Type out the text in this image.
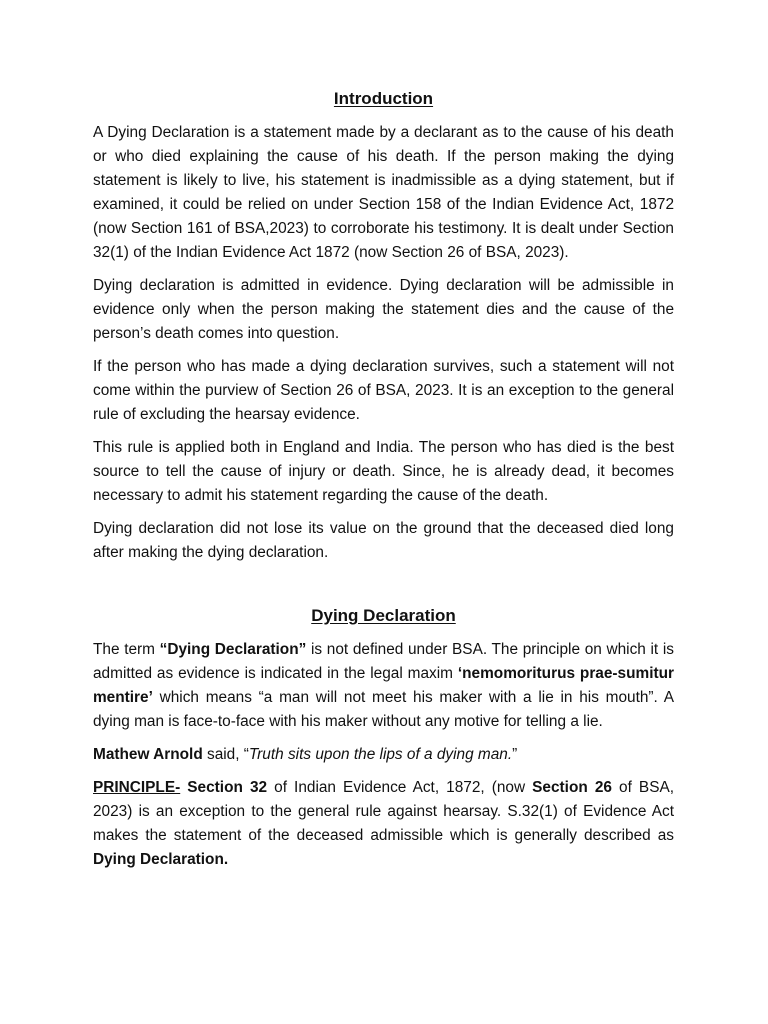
Introduction

A Dying Declaration is a statement made by a declarant as to the cause of his death or who died explaining the cause of his death. If the person making the dying statement is likely to live, his statement is inadmissible as a dying statement, but if examined, it could be relied on under Section 158 of the Indian Evidence Act, 1872 (now Section 161 of BSA,2023) to corroborate his testimony. It is dealt under Section 32(1) of the Indian Evidence Act 1872 (now Section 26 of BSA, 2023).

Dying declaration is admitted in evidence. Dying declaration will be admissible in evidence only when the person making the statement dies and the cause of the person’s death comes into question.

If the person who has made a dying declaration survives, such a statement will not come within the purview of Section 26 of BSA, 2023. It is an exception to the general rule of excluding the hearsay evidence.

This rule is applied both in England and India. The person who has died is the best source to tell the cause of injury or death. Since, he is already dead, it becomes necessary to admit his statement regarding the cause of the death.

Dying declaration did not lose its value on the ground that the deceased died long after making the dying declaration.

Dying Declaration

The term “Dying Declaration” is not defined under BSA. The principle on which it is admitted as evidence is indicated in the legal maxim ‘nemomoriturus prae-sumitur mentire’ which means “a man will not meet his maker with a lie in his mouth”. A dying man is face-to-face with his maker without any motive for telling a lie.

Mathew Arnold said, “Truth sits upon the lips of a dying man.”

PRINCIPLE- Section 32 of Indian Evidence Act, 1872, (now Section 26 of BSA, 2023) is an exception to the general rule against hearsay. S.32(1) of Evidence Act makes the statement of the deceased admissible which is generally described as Dying Declaration.
